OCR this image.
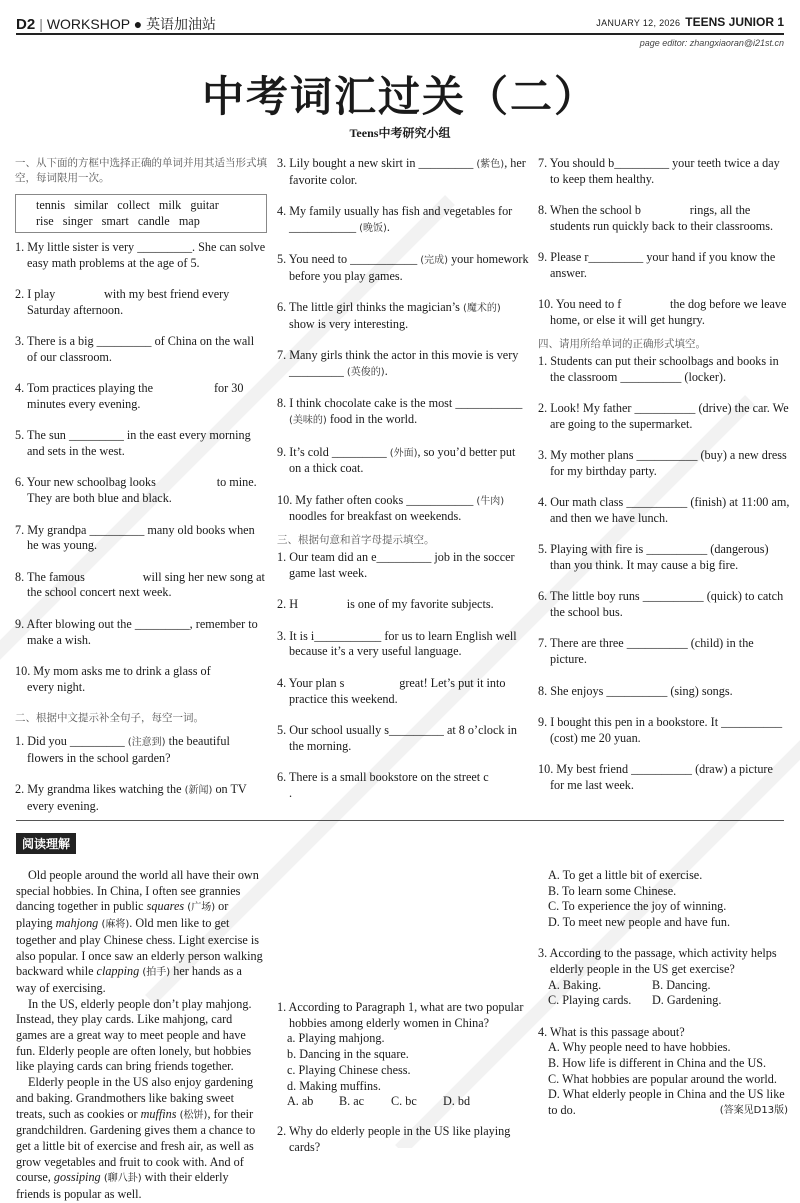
D2 | WORKSHOP ● 英语加油站	JANUARY 12, 2026 TEENS JUNIOR 1
page editor: zhangxiaoran@i21st.cn
中考词汇过关（二）
Teens中考研究小组
一、从下面的方框中选择正确的单词并用其适当形式填空，每词限用一次。
tennis   similar   collect   milk   guitar
rise   singer   smart   candle   map
1. My little sister is very _________. She can solve easy math problems at the age of 5.
2. I play                with my best friend every Saturday afternoon.
3. There is a big _________ of China on the wall of our classroom.
4. Tom practices playing the                    for 30 minutes every evening.
5. The sun _________ in the east every morning and sets in the west.
6. Your new schoolbag looks                    to mine. They are both blue and black.
7. My grandpa _________ many old books when he was young.
8. The famous                   will sing her new song at the school concert next week.
9. After blowing out the _________, remember to make a wish.
10. My mom asks me to drink a glass of                  every night.
二、根据中文提示补全句子，每空一词。
1. Did you _________ (注意到) the beautiful flowers in the school garden?
2. My grandma likes watching the (新闻) on TV every evening.
3. Lily bought a new skirt in _________ (紫色), her favorite color.
4. My family usually has fish and vegetables for ___________ (晚饭).
5. You need to ___________ (完成) your homework before you play games.
6. The little girl thinks the magician’s (魔术的) show is very interesting.
7. Many girls think the actor in this movie is very _________ (英俊的).
8. I think chocolate cake is the most ___________ (美味的) food in the world.
9. It’s cold _________ (外面), so you’d better put on a thick coat.
10. My father often cooks ___________ (牛肉) noodles for breakfast on weekends.
三、根据句意和首字母提示填空。
1. Our team did an e_________ job in the soccer game last week.
2. H                is one of my favorite subjects.
3. It is i___________ for us to learn English well because it’s a very useful language.
4. Your plan s                  great! Let’s put it into practice this weekend.
5. Our school usually s_________ at 8 o’clock in the morning.
6. There is a small bookstore on the street c               .
7. You should b_________ your teeth twice a day to keep them healthy.
8. When the school b                rings, all the students run quickly back to their classrooms.
9. Please r_________ your hand if you know the answer.
10. You need to f                the dog before we leave home, or else it will get hungry.
四、请用所给单词的正确形式填空。
1. Students can put their schoolbags and books in the classroom __________ (locker).
2. Look! My father __________ (drive) the car. We are going to the supermarket.
3. My mother plans __________ (buy) a new dress for my birthday party.
4. Our math class __________ (finish) at 11:00 am, and then we have lunch.
5. Playing with fire is __________ (dangerous) than you think. It may cause a big fire.
6. The little boy runs __________ (quick) to catch the school bus.
7. There are three __________ (child) in the picture.
8. She enjoys __________ (sing) songs.
9. I bought this pen in a bookstore. It __________ (cost) me 20 yuan.
10. My best friend __________ (draw) a picture for me last week.
阅读理解
Old people around the world all have their own special hobbies. In China, I often see grannies dancing together in public squares (广场) or playing mahjong (麻将). Old men like to get together and play Chinese chess. Light exercise is also popular. I once saw an elderly person walking backward while clapping (拍手) her hands as a way of exercising.
In the US, elderly people don’t play mahjong. Instead, they play cards. Like mahjong, card games are a great way to meet people and have fun. Elderly people are often lonely, but hobbies like playing cards can bring friends together.
Elderly people in the US also enjoy gardening and baking. Grandmothers like baking sweet treats, such as cookies or muffins (松饼), for their grandchildren. Gardening gives them a chance to get a little bit of exercise and fresh air, as well as grow vegetables and fruit to cook with. And of course, gossiping (聊八卦) with their elderly friends is popular as well.
1. According to Paragraph 1, what are two popular hobbies among elderly women in China?
a. Playing mahjong.
b. Dancing in the square.
c. Playing Chinese chess.
d. Making muffins.
A. ab B. ac C. bc D. bd
2. Why do elderly people in the US like playing cards?
A. To get a little bit of exercise.
B. To learn some Chinese.
C. To experience the joy of winning.
D. To meet new people and have fun.
3. According to the passage, which activity helps elderly people in the US get exercise?
A. Baking.	B. Dancing.
C. Playing cards. D. Gardening.
4. What is this passage about?
A. Why people need to have hobbies.
B. How life is different in China and the US.
C. What hobbies are popular around the world.
D. What elderly people in China and the US like to do.	(答案见D13版)
